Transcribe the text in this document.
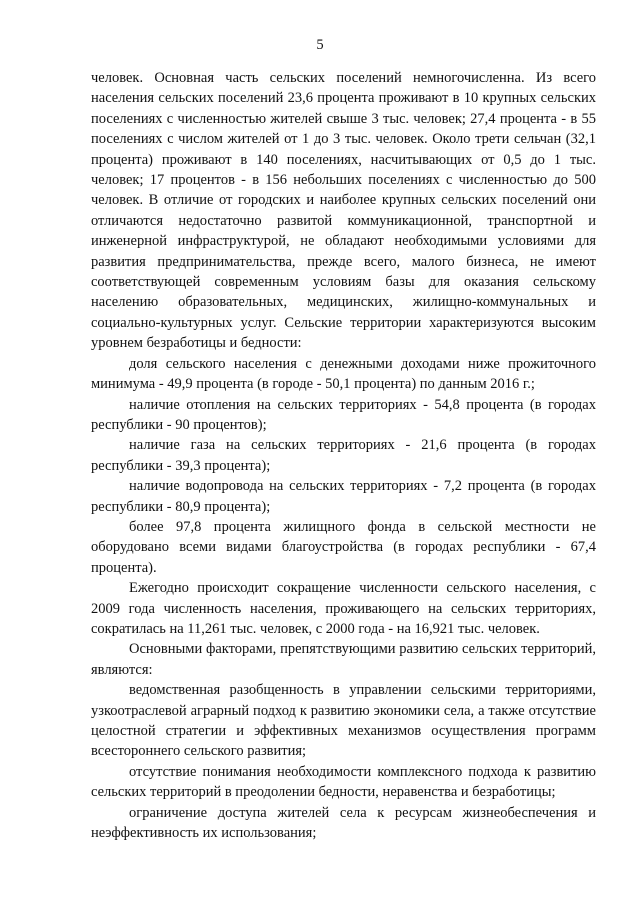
5

человек. Основная часть сельских поселений немногочисленна. Из всего населения сельских поселений 23,6 процента проживают в 10 крупных сельских поселениях с численностью жителей свыше 3 тыс. человек; 27,4 процента - в 55 поселениях с числом жителей от 1 до 3 тыс. человек. Около трети сельчан (32,1 процента) проживают в 140 поселениях, насчитывающих от 0,5 до 1 тыс. человек; 17 процентов - в 156 небольших поселениях с численностью до 500 человек. В отличие от городских и наиболее крупных сельских поселений они отличаются недостаточно развитой коммуникационной, транспортной и инженерной инфраструктурой, не обладают необходимыми условиями для развития предпринимательства, прежде всего, малого бизнеса, не имеют соответствующей современным условиям базы для оказания сельскому населению образовательных, медицинских, жилищно-коммунальных и социально-культурных услуг. Сельские территории характеризуются высоким уровнем безработицы и бедности:

доля сельского населения с денежными доходами ниже прожиточного минимума - 49,9 процента (в городе - 50,1 процента) по данным 2016 г.;

наличие отопления на сельских территориях - 54,8 процента (в городах республики - 90 процентов);

наличие газа на сельских территориях - 21,6 процента (в городах республики - 39,3 процента);

наличие водопровода на сельских территориях - 7,2 процента (в городах республики - 80,9 процента);

более 97,8 процента жилищного фонда в сельской местности не оборудовано всеми видами благоустройства (в городах республики - 67,4 процента).

Ежегодно происходит сокращение численности сельского населения, с 2009 года численность населения, проживающего на сельских территориях, сократилась на 11,261 тыс. человек, с 2000 года - на 16,921 тыс. человек.

Основными факторами, препятствующими развитию сельских территорий, являются:

ведомственная разобщенность в управлении сельскими территориями, узкоотраслевой аграрный подход к развитию экономики села, а также отсутствие целостной стратегии и эффективных механизмов осуществления программ всестороннего сельского развития;

отсутствие понимания необходимости комплексного подхода к развитию сельских территорий в преодолении бедности, неравенства и безработицы;

ограничение доступа жителей села к ресурсам жизнеобеспечения и неэффективность их использования;
